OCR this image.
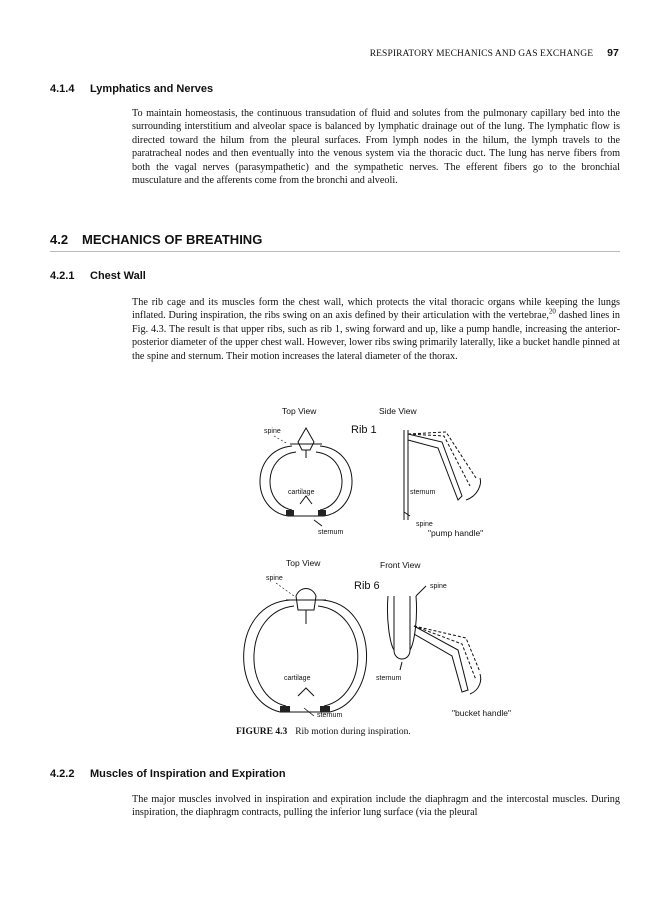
RESPIRATORY MECHANICS AND GAS EXCHANGE 97
4.1.4 Lymphatics and Nerves

To maintain homeostasis, the continuous transudation of fluid and solutes from the pulmonary capillary bed into the surrounding interstitium and alveolar space is balanced by lymphatic drainage out of the lung. The lymphatic flow is directed toward the hilum from the pleural surfaces. From lymph nodes in the hilum, the lymph travels to the paratracheal nodes and then eventually into the venous system via the thoracic duct. The lung has nerve fibers from both the vagal nerves (parasympathetic) and the sympathetic nerves. The efferent fibers go to the bronchial musculature and the afferents come from the bronchi and alveoli.

4.2 MECHANICS OF BREATHING
4.2.1 Chest Wall

The rib cage and its muscles form the chest wall, which protects the vital thoracic organs while keeping the lungs inflated. During inspiration, the ribs swing on an axis defined by their articulation with the vertebrae,$^{20}$ dashed lines in Fig. 4.3. The result is that upper ribs, such as rib 1, swing forward and up, like a pump handle, increasing the anterior-posterior diameter of the upper chest wall. However, lower ribs swing primarily laterally, like a bucket handle pinned at the spine and sternum. Their motion increases the lateral diameter of the thorax.

Top View	Side View
Rib 1
spine
cartilage
sternum
sternum
spine
"pump handle"
Top View	Front View
Rib 6
spine
spine
cartilage	sternum
"bucket handle"
sternum
FIGURE 4.3 Rib motion during inspiration.
4.2.2 Muscles of Inspiration and Expiration

The major muscles involved in inspiration and expiration include the diaphragm and the intercostal muscles. During inspiration, the diaphragm contracts, pulling the inferior lung surface (via the pleural
